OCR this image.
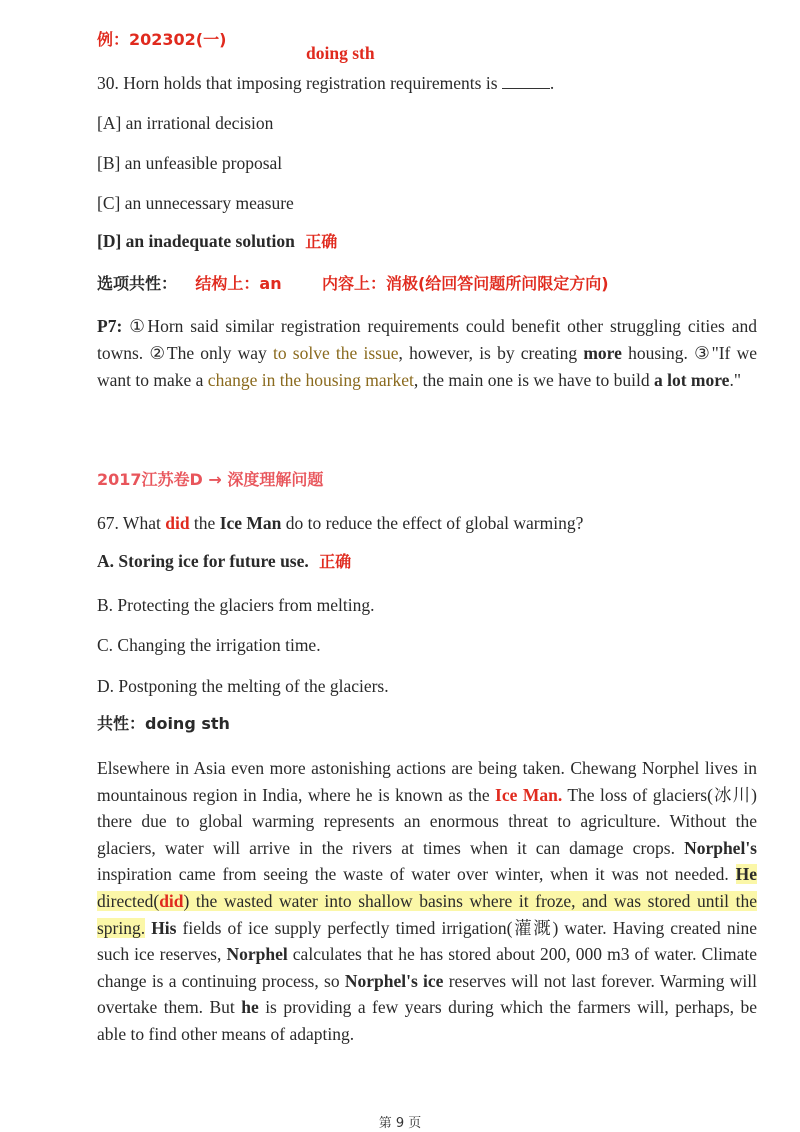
例：202302(一)
doing sth
30. Horn holds that imposing registration requirements is	.
[A] an irrational decision
[B] an unfeasible proposal
[C] an unnecessary measure
[D] an inadequate solution 正确
选项共性： 结构上：an	内容上：消极(给回答问题所问限定方向)
P7: ①Horn said similar registration requirements could benefit other struggling cities and towns. ②The only way to solve the issue, however, is by creating more housing. ③"If we want to make a change in the housing market, the main one is we have to build a lot more."
2017江苏卷D → 深度理解问题
67. What did the Ice Man do to reduce the effect of global warming?
A. Storing ice for future use. 正确
B. Protecting the glaciers from melting.
C. Changing the irrigation time.
D. Postponing the melting of the glaciers.
共性：doing sth
Elsewhere in Asia even more astonishing actions are being taken. Chewang Norphel lives in mountainous region in India, where he is known as the Ice Man. The loss of glaciers(冰川) there due to global warming represents an enormous threat to agriculture. Without the glaciers, water will arrive in the rivers at times when it can damage crops. Norphel's inspiration came from seeing the waste of water over winter, when it was not needed. He directed(did) the wasted water into shallow basins where it froze, and was stored until the spring. His fields of ice supply perfectly timed irrigation(灌溉) water. Having created nine such ice reserves, Norphel calculates that he has stored about 200, 000 m3 of water. Climate change is a continuing process, so Norphel's ice reserves will not last forever. Warming will overtake them. But he is providing a few years during which the farmers will, perhaps, be able to find other means of adapting.
第 9 页
